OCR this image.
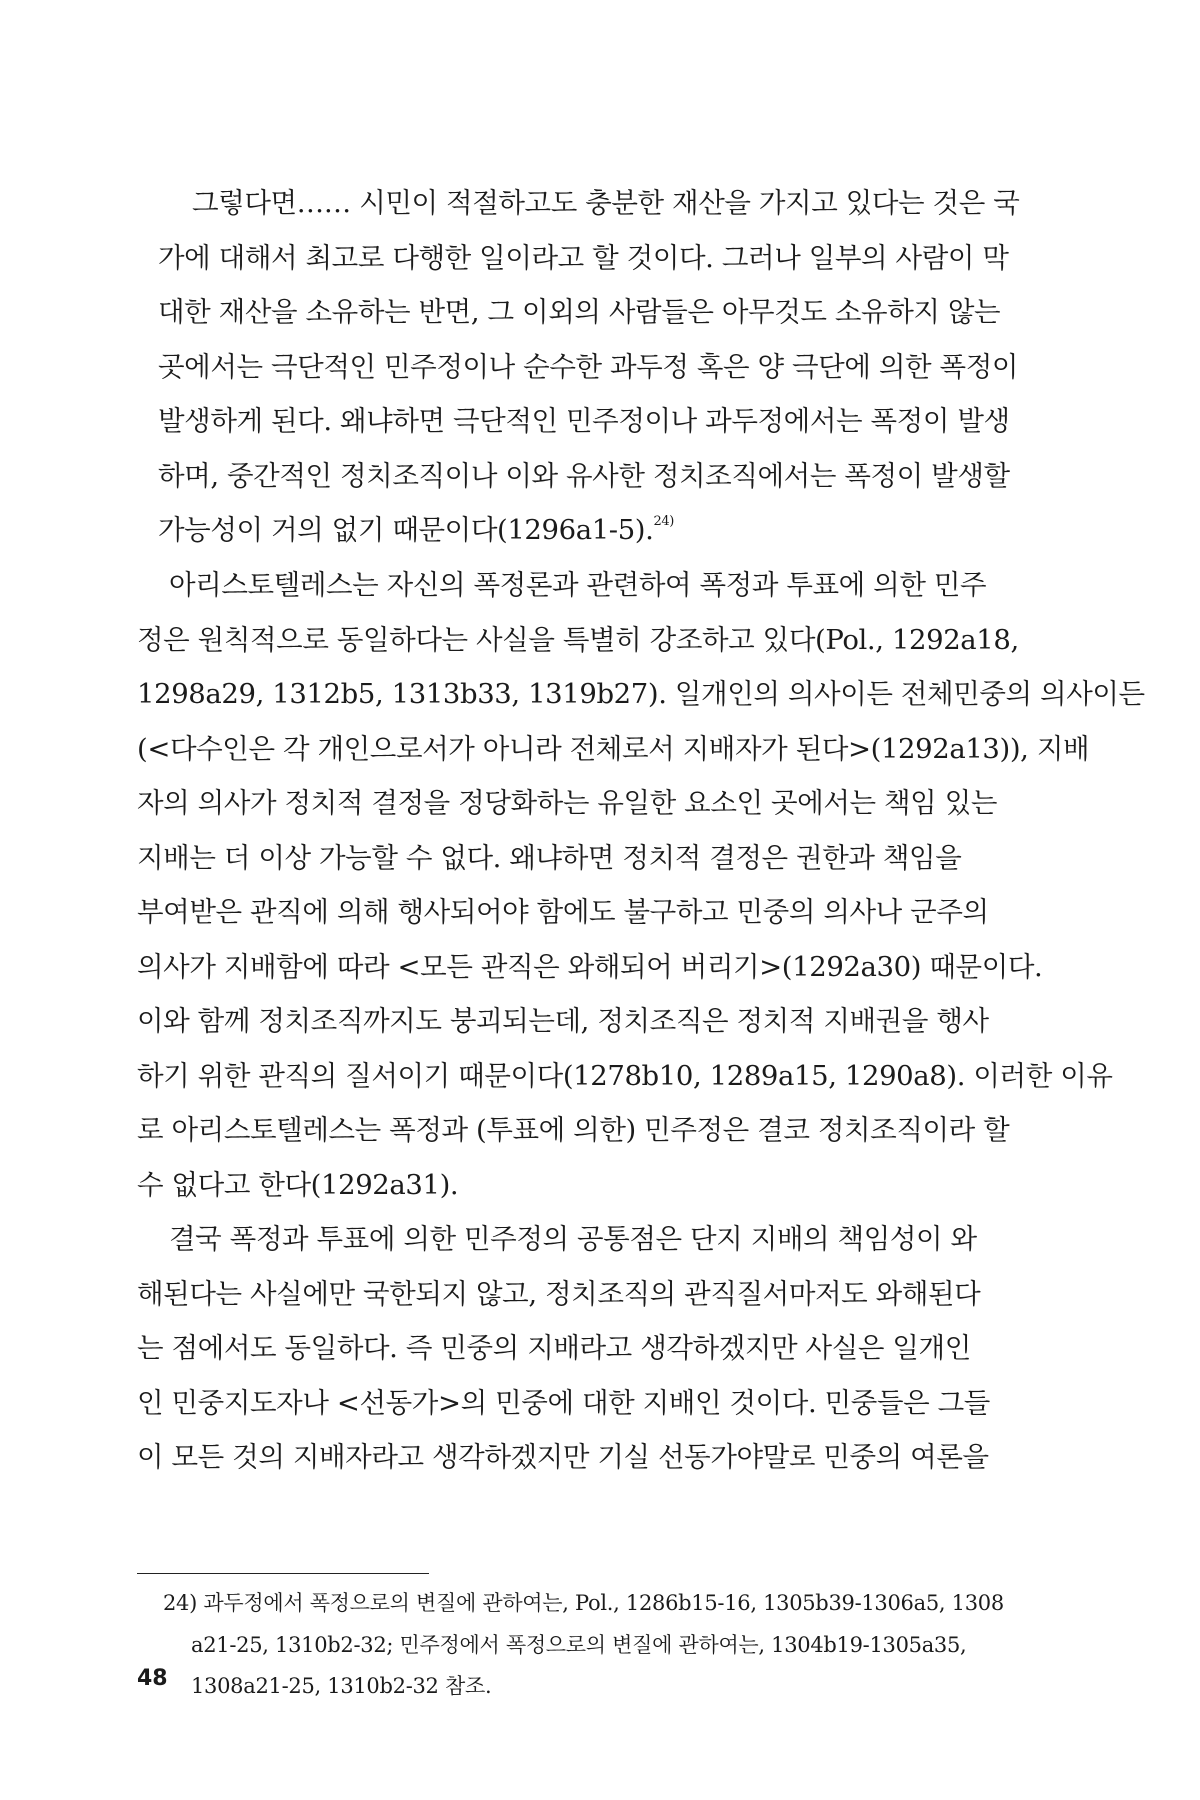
그렇다면…… 시민이 적절하고도 충분한 재산을 가지고 있다는 것은 국
가에 대해서 최고로 다행한 일이라고 할 것이다. 그러나 일부의 사람이 막
대한 재산을 소유하는 반면, 그 이외의 사람들은 아무것도 소유하지 않는
곳에서는 극단적인 민주정이나 순수한 과두정 혹은 양 극단에 의한 폭정이
발생하게 된다. 왜냐하면 극단적인 민주정이나 과두정에서는 폭정이 발생
하며, 중간적인 정치조직이나 이와 유사한 정치조직에서는 폭정이 발생할
가능성이 거의 없기 때문이다(1296a1-5).$^{24)}$
아리스토텔레스는 자신의 폭정론과 관련하여 폭정과 투표에 의한 민주
정은 원칙적으로 동일하다는 사실을 특별히 강조하고 있다(Pol., 1292a18,
1298a29, 1312b5, 1313b33, 1319b27). 일개인의 의사이든 전체민중의 의사이든
(<다수인은 각 개인으로서가 아니라 전체로서 지배자가 된다>(1292a13)), 지배
자의 의사가 정치적 결정을 정당화하는 유일한 요소인 곳에서는 책임 있는
지배는 더 이상 가능할 수 없다. 왜냐하면 정치적 결정은 권한과 책임을
부여받은 관직에 의해 행사되어야 함에도 불구하고 민중의 의사나 군주의
의사가 지배함에 따라 <모든 관직은 와해되어 버리기>(1292a30) 때문이다.
이와 함께 정치조직까지도 붕괴되는데, 정치조직은 정치적 지배권을 행사
하기 위한 관직의 질서이기 때문이다(1278b10, 1289a15, 1290a8). 이러한 이유
로 아리스토텔레스는 폭정과 (투표에 의한) 민주정은 결코 정치조직이라 할
수 없다고 한다(1292a31).
결국 폭정과 투표에 의한 민주정의 공통점은 단지 지배의 책임성이 와
해된다는 사실에만 국한되지 않고, 정치조직의 관직질서마저도 와해된다
는 점에서도 동일하다. 즉 민중의 지배라고 생각하겠지만 사실은 일개인
인 민중지도자나 <선동가>의 민중에 대한 지배인 것이다. 민중들은 그들
이 모든 것의 지배자라고 생각하겠지만 기실 선동가야말로 민중의 여론을
24) 과두정에서 폭정으로의 변질에 관하여는, Pol., 1286b15-16, 1305b39-1306a5, 1308
a21-25, 1310b2-32; 민주정에서 폭정으로의 변질에 관하여는, 1304b19-1305a35,
1308a21-25, 1310b2-32 참조.
48
